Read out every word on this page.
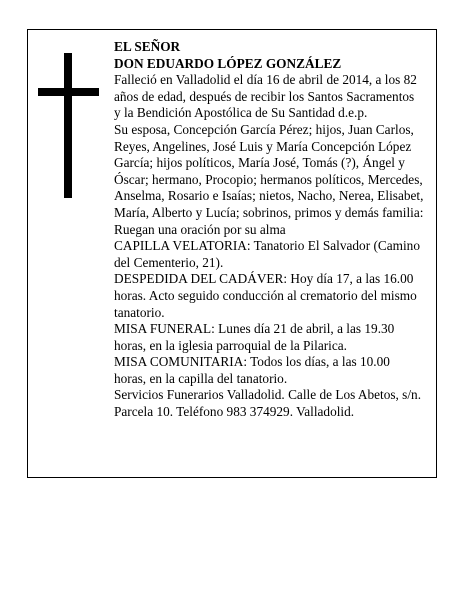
EL SEÑOR

DON EDUARDO LÓPEZ GONZÁLEZ

Falleció en Valladolid el día 16 de abril de 2014, a los 82 años de edad, después de recibir los Santos Sacramentos y la Bendición Apostólica de Su Santidad d.e.p.

Su esposa, Concepción García Pérez; hijos, Juan Carlos, Reyes, Angelines, José Luis y María Concepción López García; hijos políticos, María José, Tomás (?), Ángel y Óscar; hermano, Procopio; hermanos políticos, Mercedes, Anselma, Rosario e Isaías; nietos, Nacho, Nerea, Elisabet, María, Alberto y Lucía; sobrinos, primos y demás familia:

Ruegan una oración por su alma

CAPILLA VELATORIA: Tanatorio El Salvador (Camino del Cementerio, 21).

DESPEDIDA DEL CADÁVER: Hoy día 17, a las 16.00 horas. Acto seguido conducción al crematorio del mismo tanatorio.

MISA FUNERAL: Lunes día 21 de abril, a las 19.30 horas, en la iglesia parroquial de la Pilarica.

MISA COMUNITARIA: Todos los días, a las 10.00 horas, en la capilla del tanatorio.

Servicios Funerarios Valladolid. Calle de Los Abetos, s/n. Parcela 10. Teléfono 983 374929. Valladolid.
